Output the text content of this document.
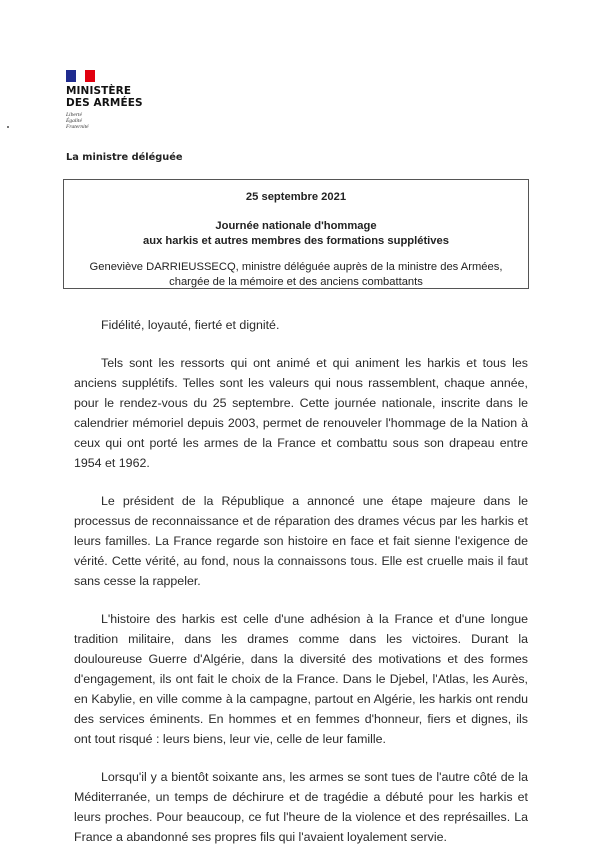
MINISTÈRE
DES ARMÉES
Liberté
Égalité
Fraternité
La ministre déléguée
25 septembre 2021
Journée nationale d'hommage
aux harkis et autres membres des formations supplétives
Geneviève DARRIEUSSECQ, ministre déléguée auprès de la ministre des Armées, chargée de la mémoire et des anciens combattants

Fidélité, loyauté, fierté et dignité.

Tels sont les ressorts qui ont animé et qui animent les harkis et tous les anciens supplétifs. Telles sont les valeurs qui nous rassemblent, chaque année, pour le rendez-vous du 25 septembre. Cette journée nationale, inscrite dans le calendrier mémoriel depuis 2003, permet de renouveler l'hommage de la Nation à ceux qui ont porté les armes de la France et combattu sous son drapeau entre 1954 et 1962.

Le président de la République a annoncé une étape majeure dans le processus de reconnaissance et de réparation des drames vécus par les harkis et leurs familles. La France regarde son histoire en face et fait sienne l'exigence de vérité. Cette vérité, au fond, nous la connaissons tous. Elle est cruelle mais il faut sans cesse la rappeler.

L'histoire des harkis est celle d'une adhésion à la France et d'une longue tradition militaire, dans les drames comme dans les victoires. Durant la douloureuse Guerre d'Algérie, dans la diversité des motivations et des formes d'engagement, ils ont fait le choix de la France. Dans le Djebel, l'Atlas, les Aurès, en Kabylie, en ville comme à la campagne, partout en Algérie, les harkis ont rendu des services éminents. En hommes et en femmes d'honneur, fiers et dignes, ils ont tout risqué : leurs biens, leur vie, celle de leur famille.

Lorsqu'il y a bientôt soixante ans, les armes se sont tues de l'autre côté de la Méditerranée, un temps de déchirure et de tragédie a débuté pour les harkis et leurs proches. Pour beaucoup, ce fut l'heure de la violence et des représailles. La France a abandonné ses propres fils qui l'avaient loyalement servie.
